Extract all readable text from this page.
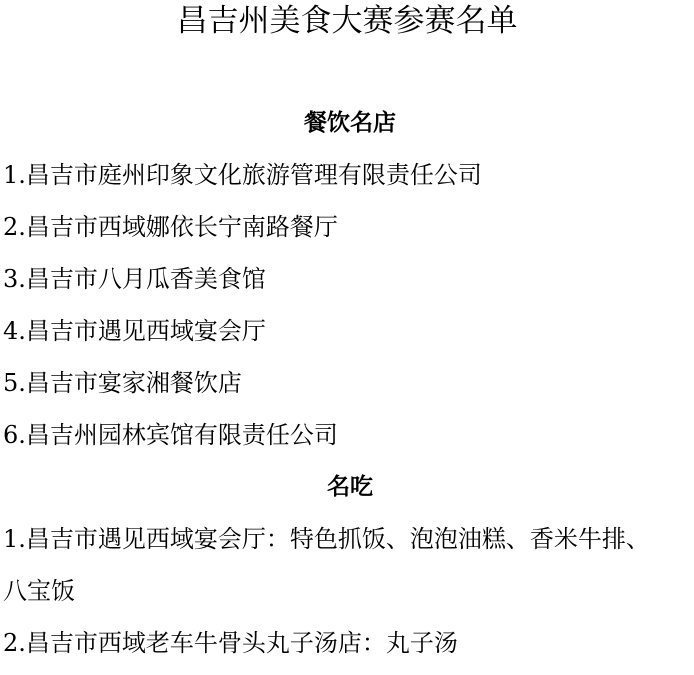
昌吉州美食大赛参赛名单
餐饮名店

1.昌吉市庭州印象文化旅游管理有限责任公司

2.昌吉市西域娜依长宁南路餐厅

3.昌吉市八月瓜香美食馆

4.昌吉市遇见西域宴会厅

5.昌吉市宴家湘餐饮店

6.昌吉州园林宾馆有限责任公司

名吃

1.昌吉市遇见西域宴会厅：特色抓饭、泡泡油糕、香米牛排、

八宝饭

2.昌吉市西域老车牛骨头丸子汤店：丸子汤
